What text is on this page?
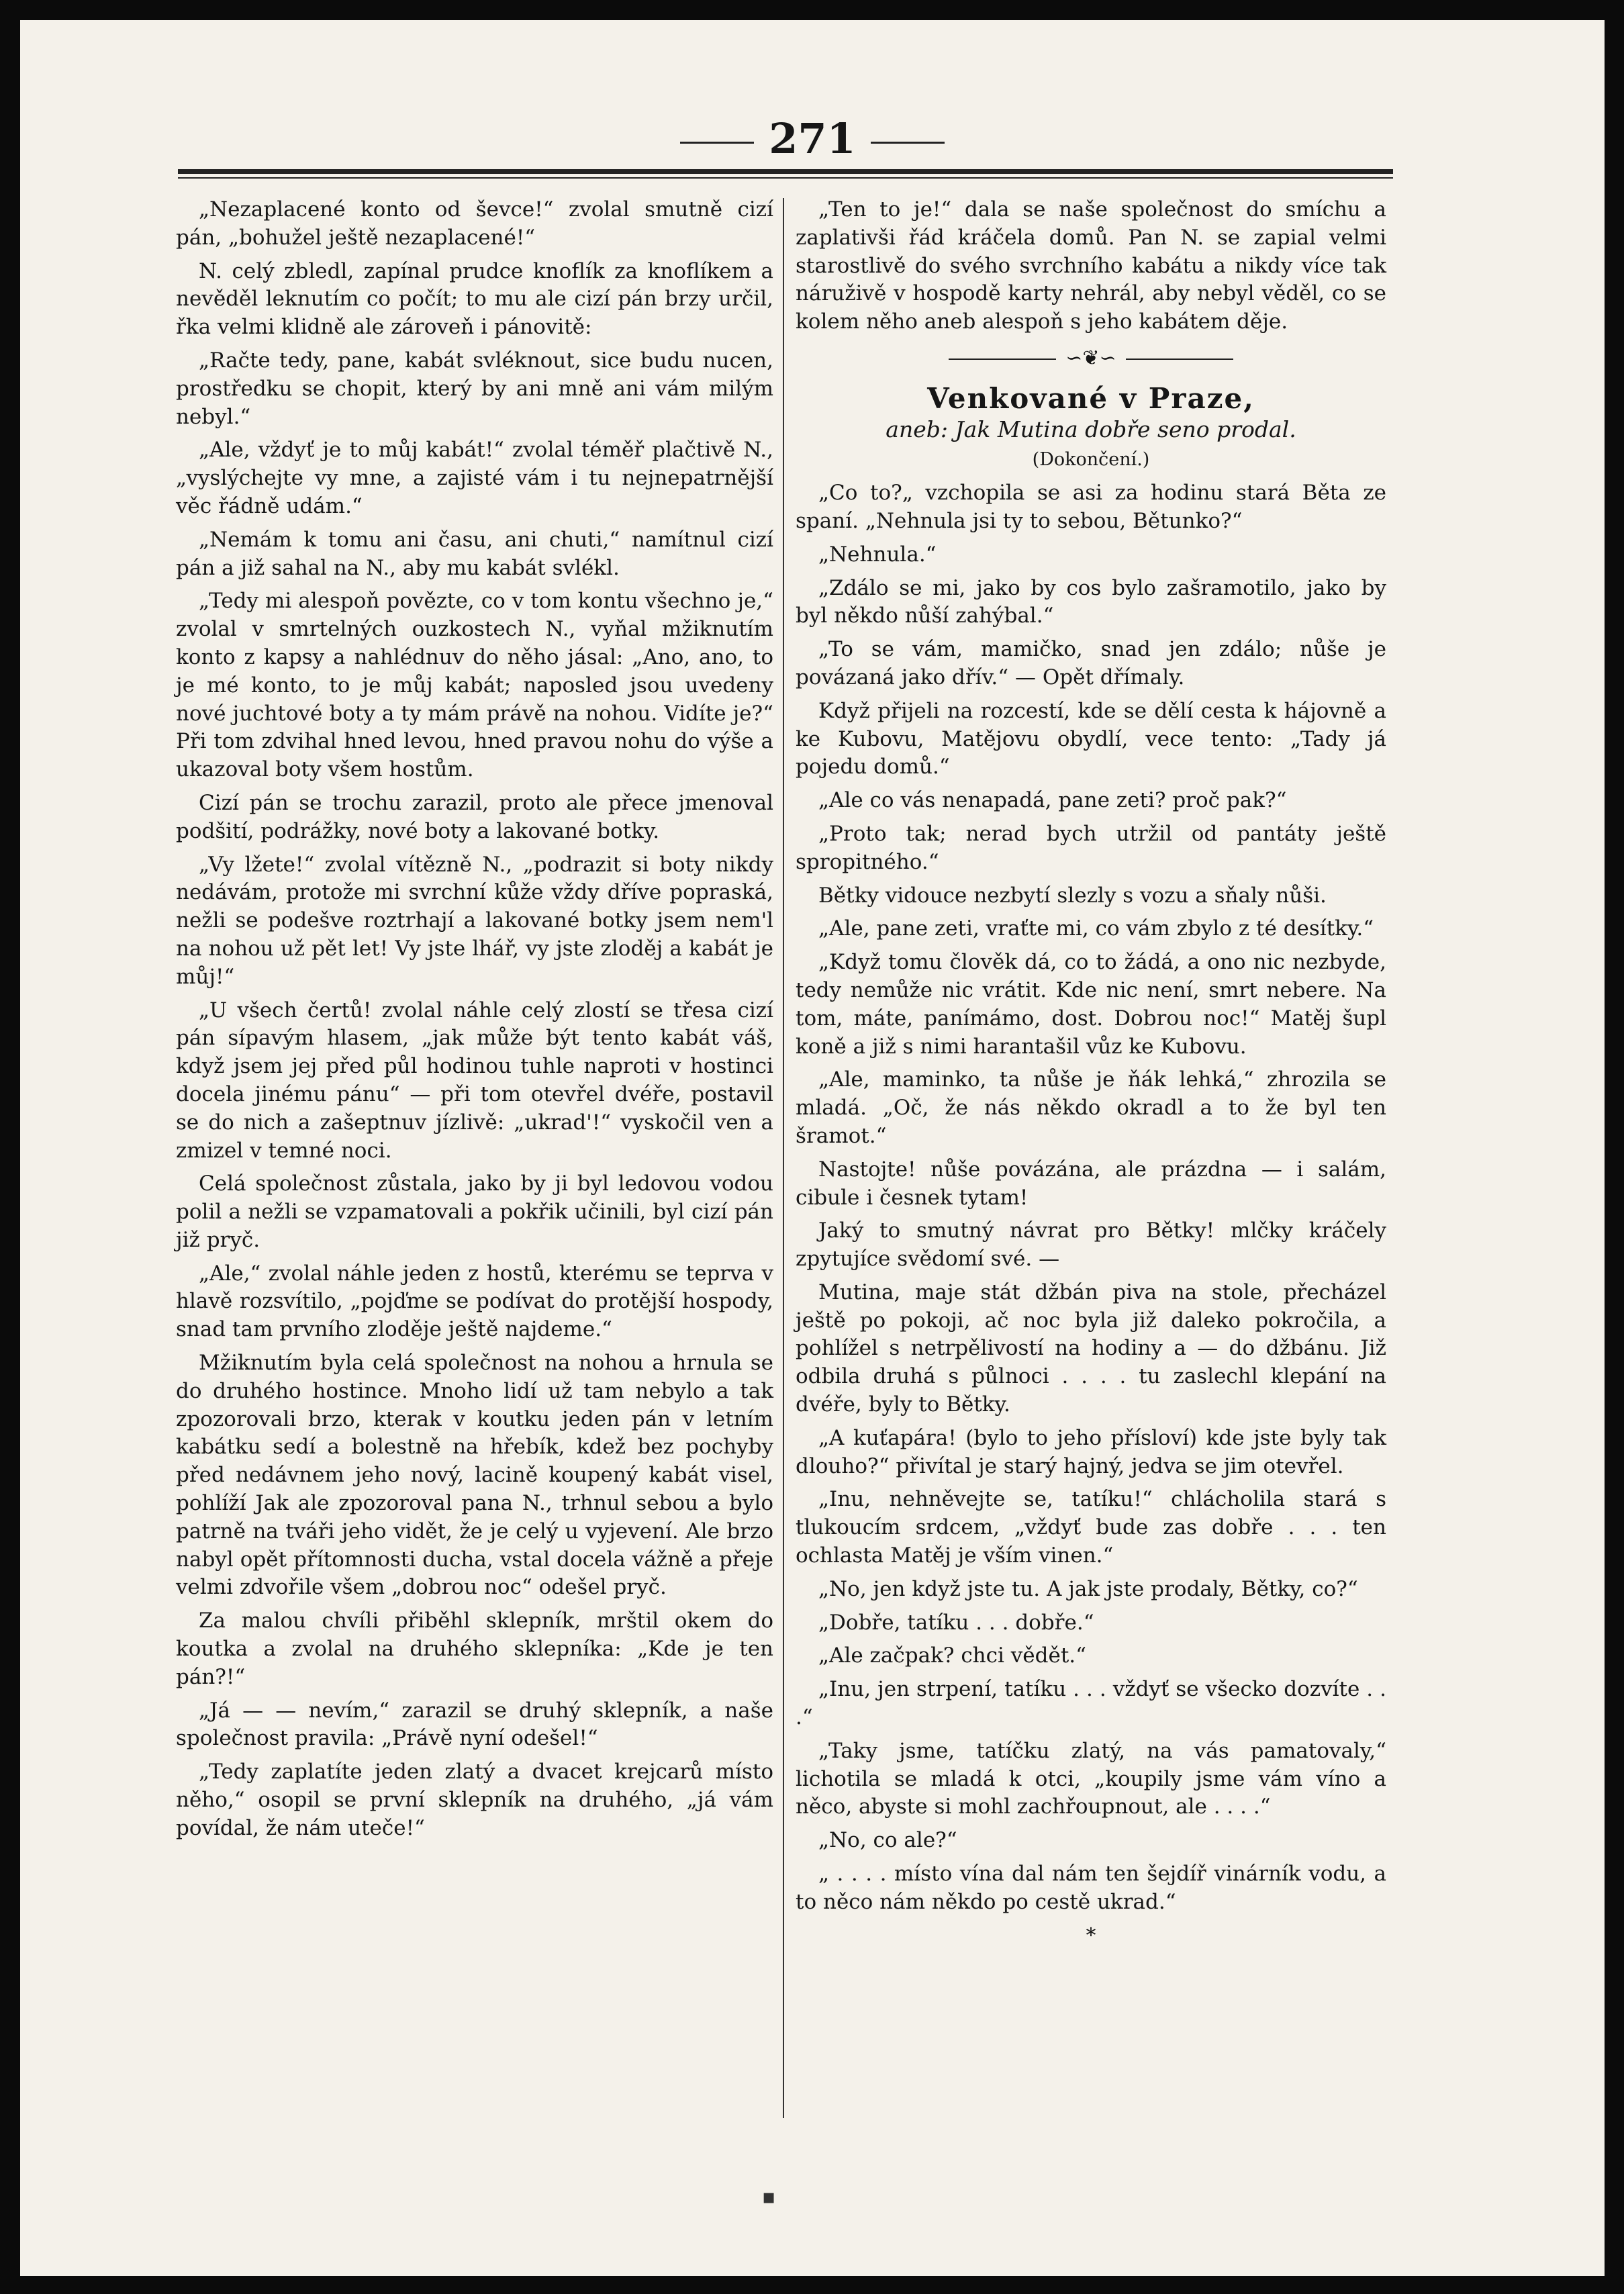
271

„Nezaplacené konto od ševce!“ zvolal smutně cizí pán, „bohužel ještě nezaplacené!“

N. celý zbledl, zapínal prudce knoflík za knoflíkem a nevěděl leknutím co počít; to mu ale cizí pán brzy určil, řka velmi klidně ale zároveň i pánovitě:

„Račte tedy, pane, kabát svléknout, sice budu nucen, prostředku se chopit, který by ani mně ani vám milým nebyl.“

„Ale, vždyť je to můj kabát!“ zvolal téměř plačtivě N., „vyslýchejte vy mne, a zajisté vám i tu nejnepatrnější věc řádně udám.“

„Nemám k tomu ani času, ani chuti,“ namítnul cizí pán a již sahal na N., aby mu kabát svlékl.

„Tedy mi alespoň povězte, co v tom kontu všechno je,“ zvolal v smrtelných ouzkostech N., vyňal mžiknutím konto z kapsy a nahlédnuv do něho jásal: „Ano, ano, to je mé konto, to je můj kabát; naposled jsou uvedeny nové juchtové boty a ty mám právě na nohou. Vidíte je?“ Při tom zdvihal hned levou, hned pravou nohu do výše a ukazoval boty všem hostům.

Cizí pán se trochu zarazil, proto ale přece jmenoval podšití, podrážky, nové boty a lakované botky.

„Vy lžete!“ zvolal vítězně N., „podrazit si boty nikdy nedávám, protože mi svrchní kůže vždy dříve popraská, nežli se podešve roztrhají a lakované botky jsem nem'l na nohou už pět let! Vy jste lhář, vy jste zloděj a kabát je můj!“

„U všech čertů! zvolal náhle celý zlostí se třesa cizí pán sípavým hlasem, „jak může být tento kabát váš, když jsem jej před půl hodinou tuhle naproti v hostinci docela jinému pánu“ — při tom otevřel dvéře, postavil se do nich a zašeptnuv jízlivě: „ukrad'!“ vyskočil ven a zmizel v temné noci.

Celá společnost zůstala, jako by ji byl ledovou vodou polil a nežli se vzpamatovali a pokřik učinili, byl cizí pán již pryč.

„Ale,“ zvolal náhle jeden z hostů, kterému se teprva v hlavě rozsvítilo, „pojďme se podívat do protější hospody, snad tam prvního zloděje ještě najdeme.“

Mžiknutím byla celá společnost na nohou a hrnula se do druhého hostince. Mnoho lidí už tam nebylo a tak zpozorovali brzo, kterak v koutku jeden pán v letním kabátku sedí a bolestně na hřebík, kdež bez pochyby před nedávnem jeho nový, lacině koupený kabát visel, pohlíží Jak ale zpozoroval pana N., trhnul sebou a bylo patrně na tváři jeho vidět, že je celý u vyjevení. Ale brzo nabyl opět přítomnosti ducha, vstal docela vážně a přeje velmi zdvořile všem „dobrou noc“ odešel pryč.

Za malou chvíli přiběhl sklepník, mrštil okem do koutka a zvolal na druhého sklepníka: „Kde je ten pán?!“

„Já — — nevím,“ zarazil se druhý sklepník, a naše společnost pravila: „Právě nyní odešel!“

„Tedy zaplatíte jeden zlatý a dvacet krejcarů místo něho,“ osopil se první sklepník na druhého, „já vám povídal, že nám uteče!“

„Ten to je!“ dala se naše společnost do smíchu a zaplativši řád kráčela domů. Pan N. se zapial velmi starostlivě do svého svrchního kabátu a nikdy více tak náruživě v hospodě karty nehrál, aby nebyl věděl, co se kolem něho aneb alespoň s jeho kabátem děje.

∽❦∽
Venkované v Praze,
aneb: Jak Mutina dobře seno prodal.
(Dokončení.)

„Co to?„ vzchopila se asi za hodinu stará Běta ze spaní. „Nehnula jsi ty to sebou, Bětunko?“

„Nehnula.“

„Zdálo se mi, jako by cos bylo zašramotilo, jako by byl někdo nůší zahýbal.“

„To se vám, mamičko, snad jen zdálo; nůše je povázaná jako dřív.“ — Opět dřímaly.

Když přijeli na rozcestí, kde se dělí cesta k hájovně a ke Kubovu, Matějovu obydlí, vece tento: „Tady já pojedu domů.“

„Ale co vás nenapadá, pane zeti? proč pak?“

„Proto tak; nerad bych utržil od pantáty ještě spropitného.“

Bětky vidouce nezbytí slezly s vozu a sňaly nůši.

„Ale, pane zeti, vraťte mi, co vám zbylo z té desítky.“

„Když tomu člověk dá, co to žádá, a ono nic nezbyde, tedy nemůže nic vrátit. Kde nic není, smrt nebere. Na tom, máte, panímámo, dost. Dobrou noc!“ Matěj šupl koně a již s nimi harantašil vůz ke Kubovu.

„Ale, maminko, ta nůše je ňák lehká,“ zhrozila se mladá. „Oč, že nás někdo okradl a to že byl ten šramot.“

Nastojte! nůše povázána, ale prázdna — i salám, cibule i česnek tytam!

Jaký to smutný návrat pro Bětky! mlčky kráčely zpytujíce svědomí své. —

Mutina, maje stát džbán piva na stole, přecházel ještě po pokoji, ač noc byla již daleko pokročila, a pohlížel s netrpělivostí na hodiny a — do džbánu. Již odbila druhá s půlnoci . . . . tu zaslechl klepání na dvéře, byly to Bětky.

„A kuťapára! (bylo to jeho přísloví) kde jste byly tak dlouho?“ přivítal je starý hajný, jedva se jim otevřel.

„Inu, nehněvejte se, tatíku!“ chlácholila stará s tlukoucím srdcem, „vždyť bude zas dobře . . . ten ochlasta Matěj je vším vinen.“

„No, jen když jste tu. A jak jste prodaly, Bětky, co?“

„Dobře, tatíku . . . dobře.“

„Ale začpak? chci vědět.“

„Inu, jen strpení, tatíku . . . vždyť se všecko dozvíte . . .“

„Taky jsme, tatíčku zlatý, na vás pamatovaly,“ lichotila se mladá k otci, „koupily jsme vám víno a něco, abyste si mohl zachřoupnout, ale . . . .“

„No, co ale?“

„ . . . . místo vína dal nám ten šejdíř vinárník vodu, a to něco nám někdo po cestě ukrad.“

*
▪
